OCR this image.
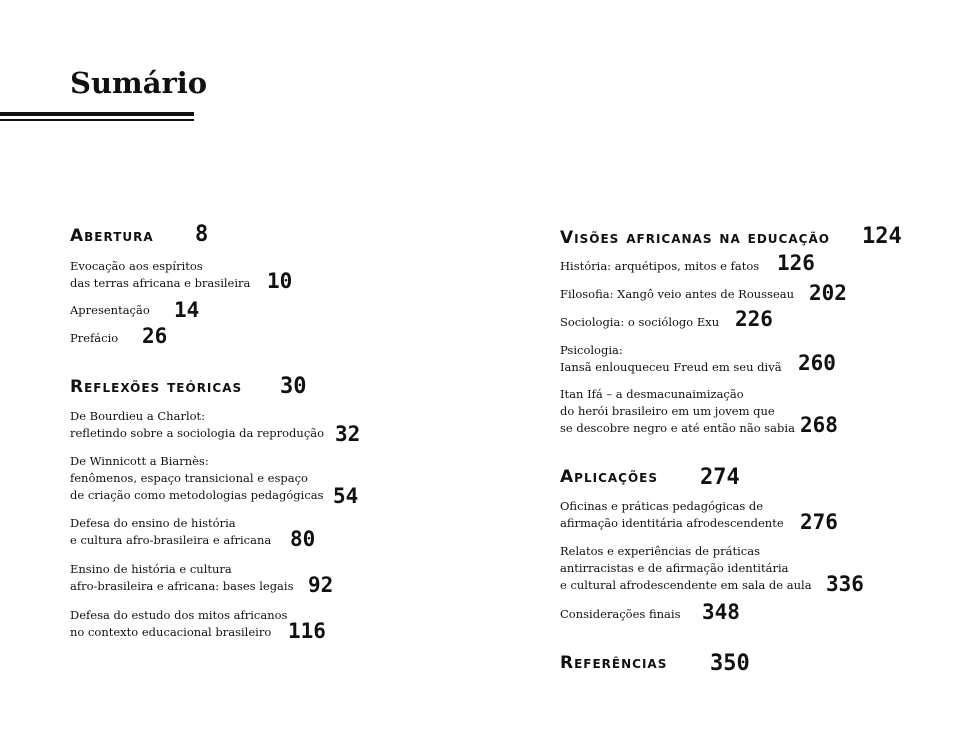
Sumário
Abertura 8
Evocação aos espíritos
das terras africana e brasileira 10
Apresentação 14
Prefácio 26
Reflexões teóricas 30
De Bourdieu a Charlot:
refletindo sobre a sociologia da reprodução 32
De Winnicott a Biarnès:
fenômenos, espaço transicional e espaço
de criação como metodologias pedagógicas 54
Defesa do ensino de história
e cultura afro-brasileira e africana 80
Ensino de história e cultura
afro-brasileira e africana: bases legais 92
Defesa do estudo dos mitos africanos
no contexto educacional brasileiro 116
Visões africanas na educação 124
História: arquétipos, mitos e fatos 126
Filosofia: Xangô veio antes de Rousseau 202
Sociologia: o sociólogo Exu 226
Psicologia:
Iansã enlouqueceu Freud em seu divã 260
Itan Ifá – a desmacunaimização
do herói brasileiro em um jovem que
se descobre negro e até então não sabia 268
Aplicações 274
Oficinas e práticas pedagógicas de
afirmação identitária afrodescendente 276
Relatos e experiências de práticas
antirracistas e de afirmação identitária
e cultural afrodescendente em sala de aula 336
Considerações finais 348
Referências 350
